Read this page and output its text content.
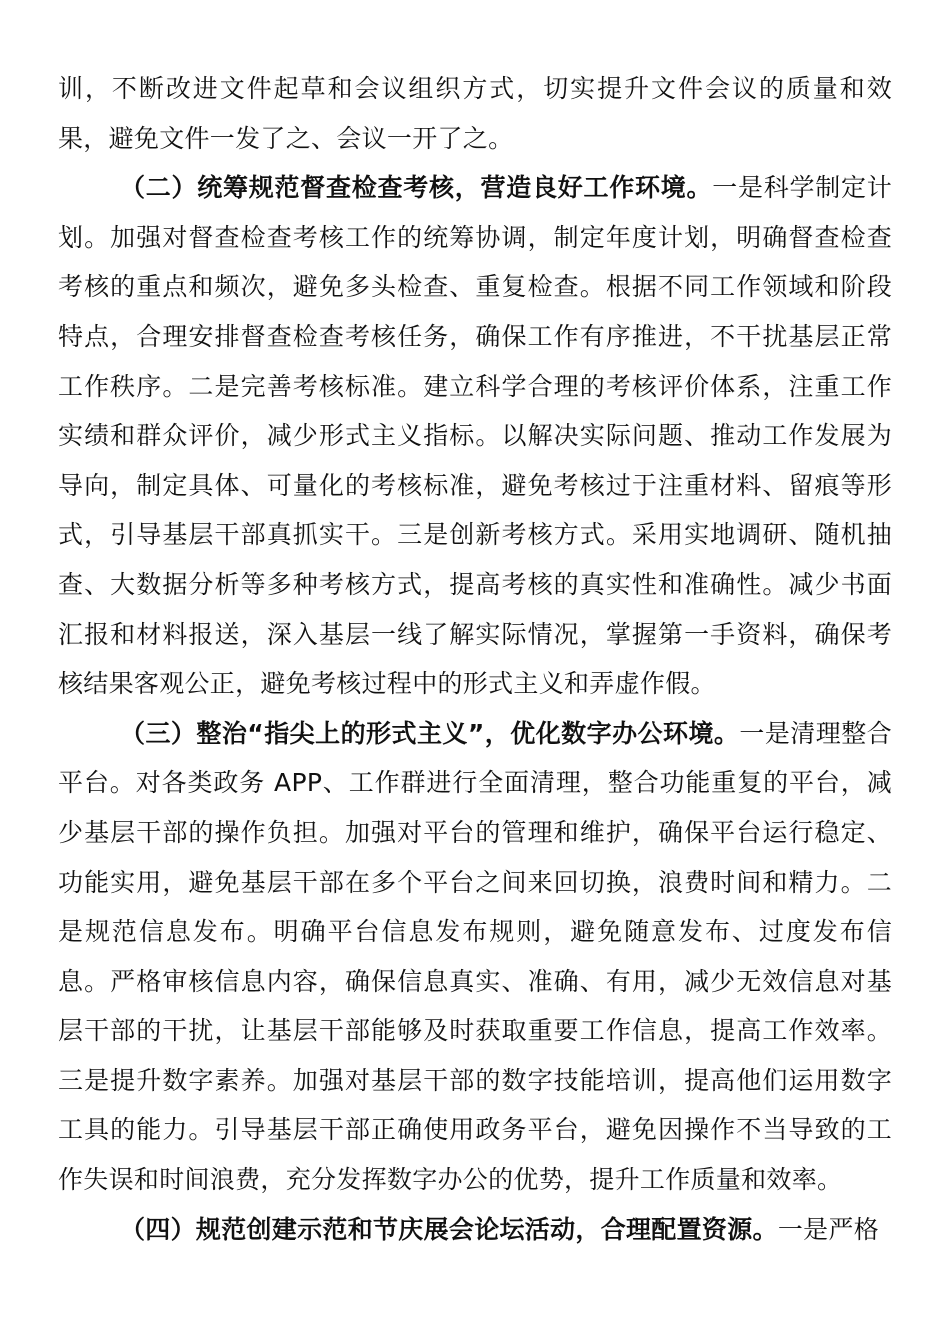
训，不断改进文件起草和会议组织方式，切实提升文件会议的质量和效果，避免文件一发了之、会议一开了之。

（二）统筹规范督查检查考核，营造良好工作环境。一是科学制定计划。加强对督查检查考核工作的统筹协调，制定年度计划，明确督查检查考核的重点和频次，避免多头检查、重复检查。根据不同工作领域和阶段特点，合理安排督查检查考核任务，确保工作有序推进，不干扰基层正常工作秩序。二是完善考核标准。建立科学合理的考核评价体系，注重工作实绩和群众评价，减少形式主义指标。以解决实际问题、推动工作发展为导向，制定具体、可量化的考核标准，避免考核过于注重材料、留痕等形式，引导基层干部真抓实干。三是创新考核方式。采用实地调研、随机抽查、大数据分析等多种考核方式，提高考核的真实性和准确性。减少书面汇报和材料报送，深入基层一线了解实际情况，掌握第一手资料，确保考核结果客观公正，避免考核过程中的形式主义和弄虚作假。

（三）整治“指尖上的形式主义”，优化数字办公环境。一是清理整合平台。对各类政务 APP、工作群进行全面清理，整合功能重复的平台，减少基层干部的操作负担。加强对平台的管理和维护，确保平台运行稳定、功能实用，避免基层干部在多个平台之间来回切换，浪费时间和精力。二是规范信息发布。明确平台信息发布规则，避免随意发布、过度发布信息。严格审核信息内容，确保信息真实、准确、有用，减少无效信息对基层干部的干扰，让基层干部能够及时获取重要工作信息，提高工作效率。三是提升数字素养。加强对基层干部的数字技能培训，提高他们运用数字工具的能力。引导基层干部正确使用政务平台，避免因操作不当导致的工作失误和时间浪费，充分发挥数字办公的优势，提升工作质量和效率。

（四）规范创建示范和节庆展会论坛活动，合理配置资源。一是严格
